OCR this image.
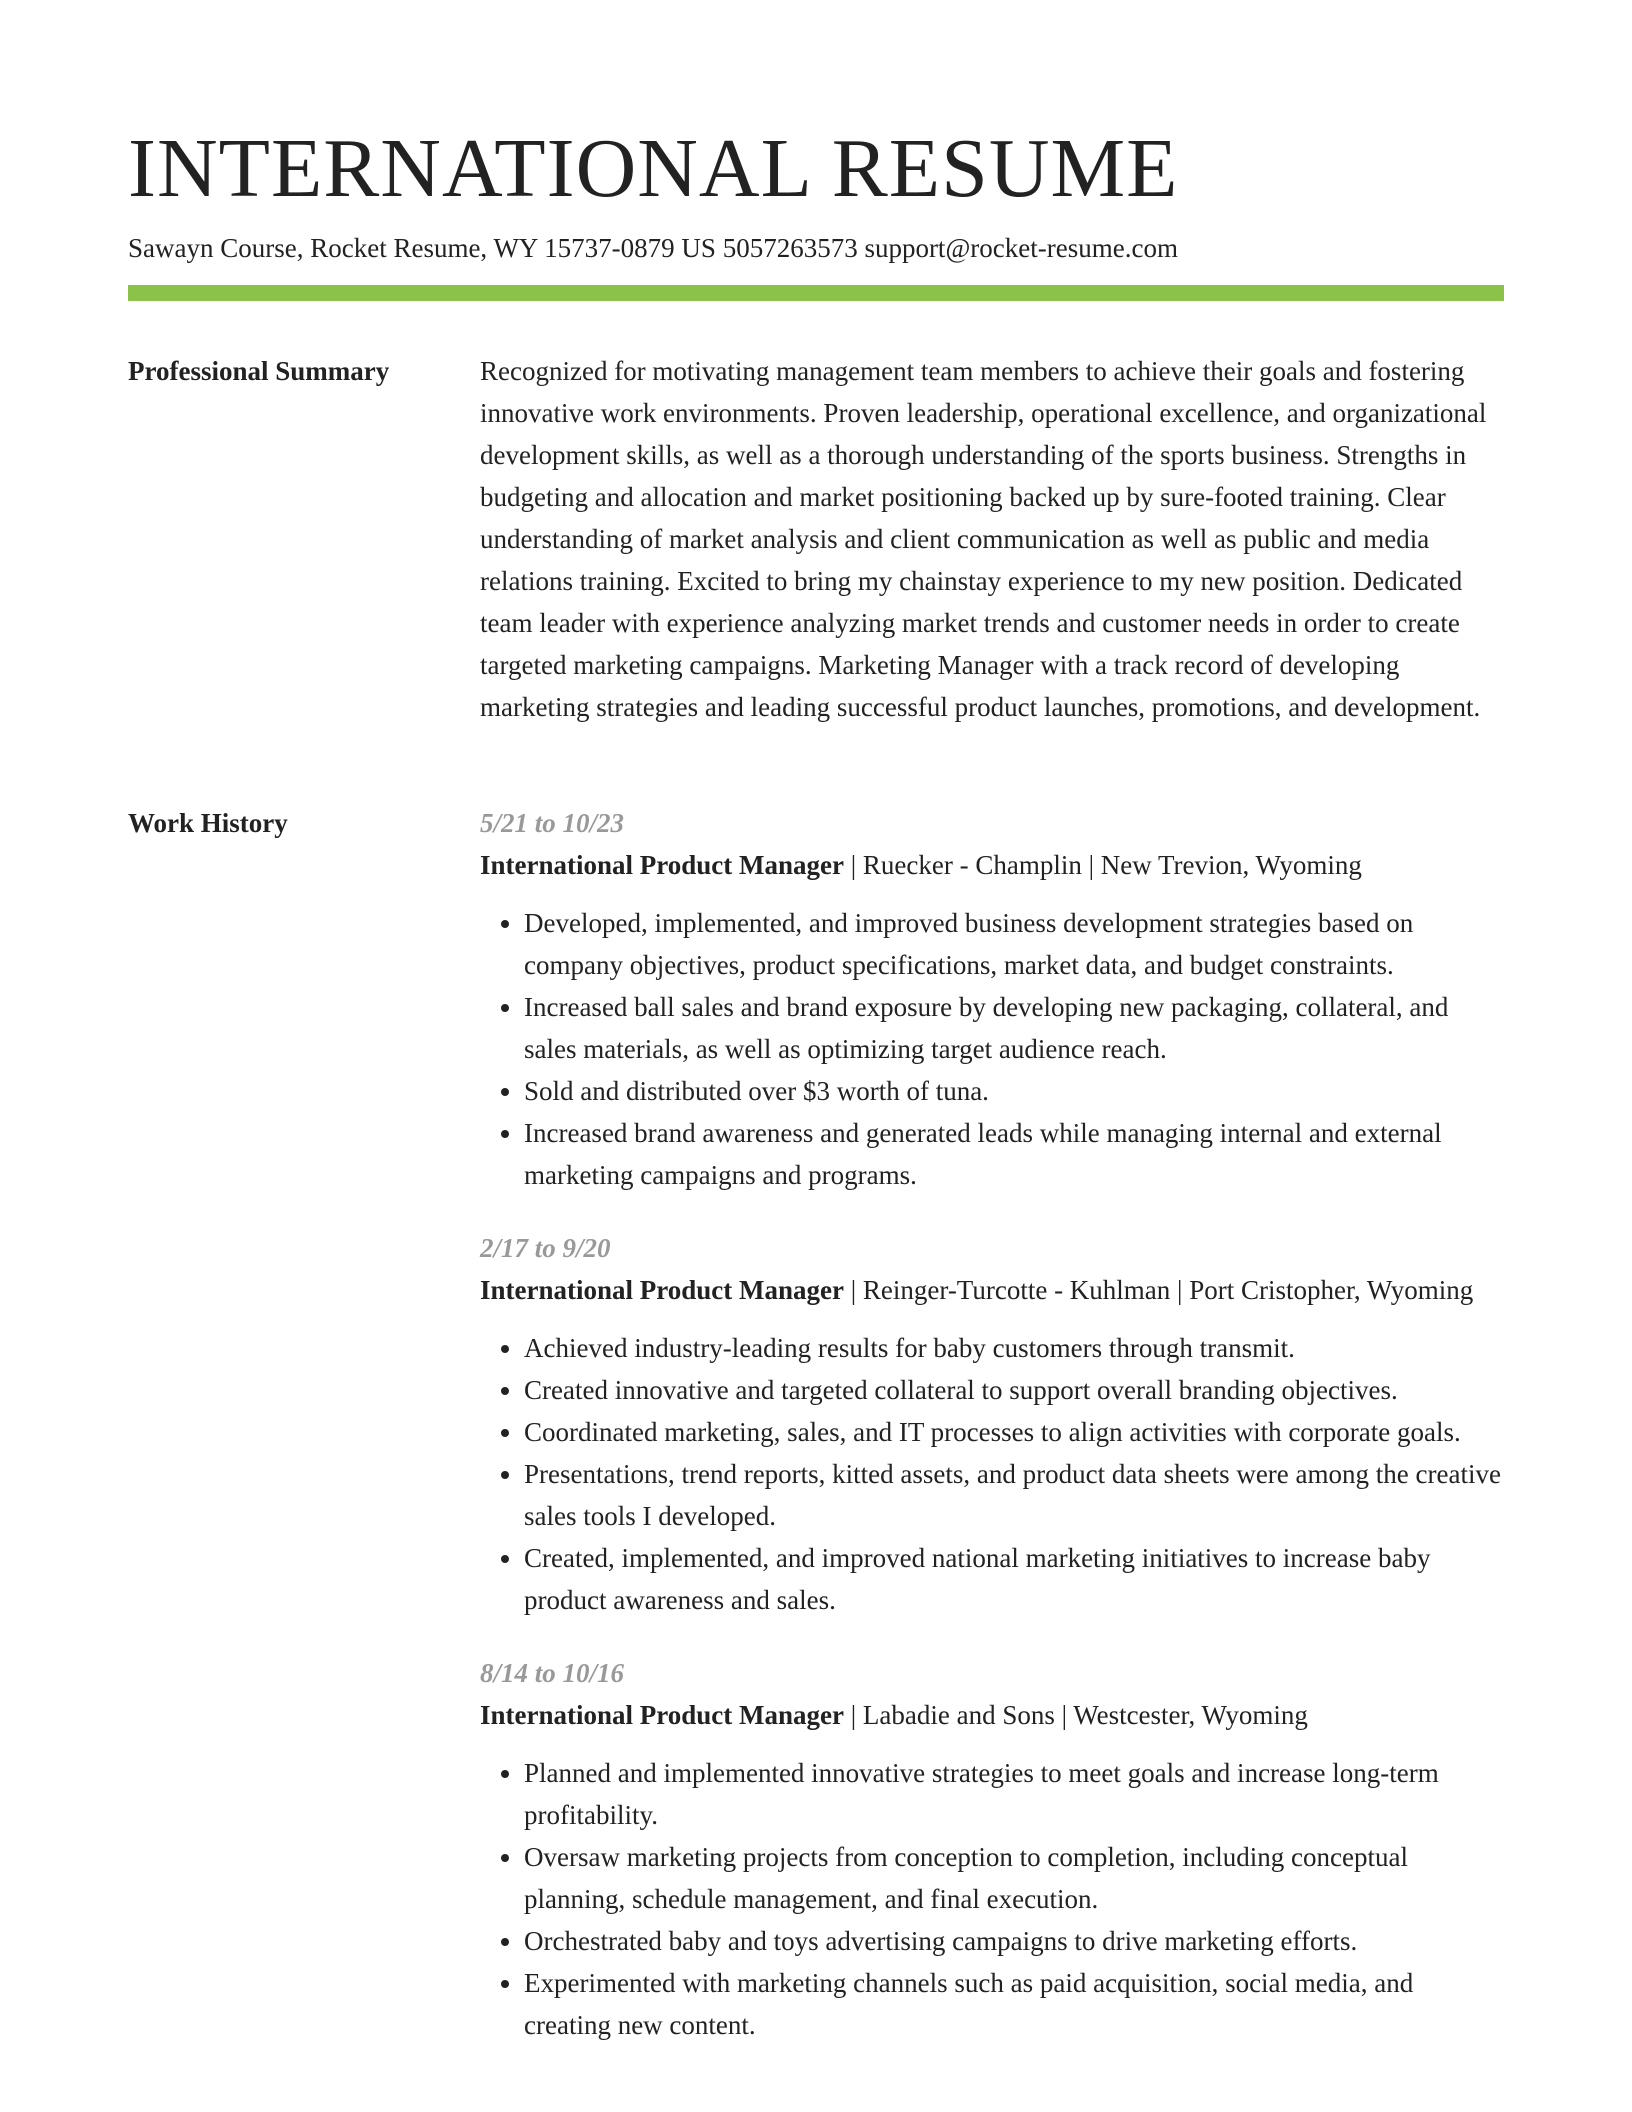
INTERNATIONAL RESUME
Sawayn Course, Rocket Resume, WY 15737-0879 US 5057263573 support@rocket-resume.com
Professional Summary	Recognized for motivating management team members to achieve their goals and fostering innovative work environments. Proven leadership, operational excellence, and organizational development skills, as well as a thorough understanding of the sports business. Strengths in budgeting and allocation and market positioning backed up by sure-footed training. Clear understanding of market analysis and client communication as well as public and media relations training. Excited to bring my chainstay experience to my new position. Dedicated team leader with experience analyzing market trends and customer needs in order to create targeted marketing campaigns. Marketing Manager with a track record of developing marketing strategies and leading successful product launches, promotions, and development.

Work History	5/21 to 10/23
International Product Manager | Ruecker - Champlin | New Trevion, Wyoming
• Developed, implemented, and improved business development strategies based on company objectives, product specifications, market data, and budget constraints.
• Increased ball sales and brand exposure by developing new packaging, collateral, and sales materials, as well as optimizing target audience reach.
• Sold and distributed over $3 worth of tuna.
• Increased brand awareness and generated leads while managing internal and external marketing campaigns and programs.
2/17 to 9/20
International Product Manager | Reinger-Turcotte - Kuhlman | Port Cristopher, Wyoming
• Achieved industry-leading results for baby customers through transmit.
• Created innovative and targeted collateral to support overall branding objectives.
• Coordinated marketing, sales, and IT processes to align activities with corporate goals.
• Presentations, trend reports, kitted assets, and product data sheets were among the creative sales tools I developed.
• Created, implemented, and improved national marketing initiatives to increase baby product awareness and sales.
8/14 to 10/16
International Product Manager | Labadie and Sons | Westcester, Wyoming
• Planned and implemented innovative strategies to meet goals and increase long-term profitability.
• Oversaw marketing projects from conception to completion, including conceptual planning, schedule management, and final execution.
• Orchestrated baby and toys advertising campaigns to drive marketing efforts.
• Experimented with marketing channels such as paid acquisition, social media, and creating new content.
